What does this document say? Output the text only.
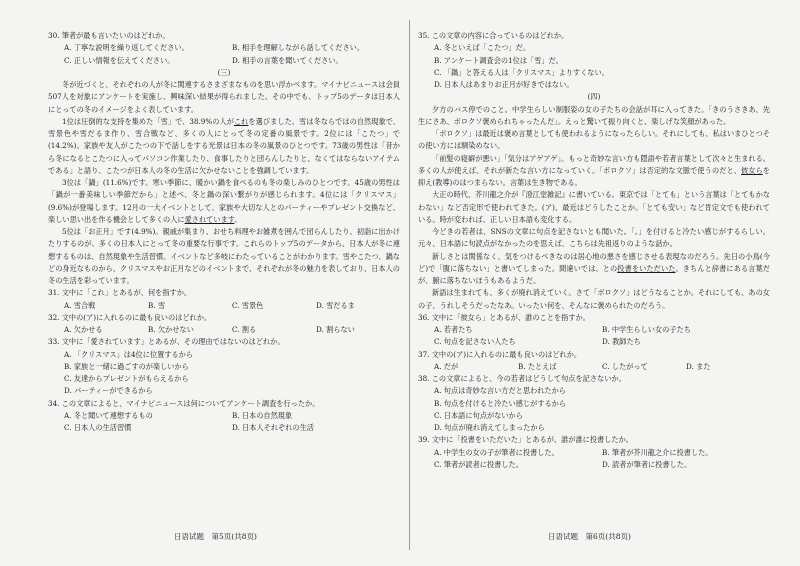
30. 筆者が最も言いたいのはどれか。

A. 丁寧な説明を繰り返してください。	B. 相手を理解しながら話してください。
C. 正しい情報を伝えてください。	D. 相手の言葉を聞いてください。

(三)

冬が近づくと、それぞれの人が冬に関連するさまざまなものを思い浮かべます。マイナビニュースは会員507人を対象にアンケートを実施し、興味深い結果が得られました。その中でも、トップ5のデータは日本人にとっての冬のイメージをよく表しています。

1位は圧倒的な支持を集めた「雪」で、38.9%の人がこれを選びました。雪は冬ならではの自然現象で、雪景色や雪だるま作り、雪合戦など、多くの人にとって冬の定番の風景です。2位には「こたつ」で(14.2%)。家族や友人がこたつの下で話しをする光景は日本の冬の風景のひとつです。73歳の男性は「昔から冬になるとこたつに入ってパソコン作業したり、食事したりと団らんしたりと、なくてはならないアイテムである」と語り、こたつが日本人の冬の生活に欠かせないことを強調しています。

3位は「鍋」(11.6%)です。寒い季節に、暖かい鍋を食べるのも冬の楽しみのひとつです。45歳の男性は「鍋が一番美味しい季節だから」と述べ、冬と鍋の深い繋がりが感じられます。4位には「クリスマス」(9.6%)が登場します。12月の一大イベントとして、家族や大切な人とのパーティーやプレゼント交換など、楽しい思い出を作る機会として多くの人に愛されています。

5位は「お正月」です(4.9%)。親戚が集まり、おせち料理やお雑煮を囲んで団らんしたり、初詣に出かけたりするのが、多くの日本人にとって冬の重要な行事です。これらのトップ5のデータから、日本人が冬に連想するものは、自然現象や生活習慣、イベントなど多岐にわたっていることがわかります。雪やこたつ、鍋などの身近なものから、クリスマスやお正月などのイベントまで、それぞれが冬の魅力を表しており、日本人の冬の生活を彩っています。

31. 文中に「これ」とあるが、何を指すか。

A. 雪合戦	B. 雪	C. 雪景色	D. 雪だるま

32. 文中の(ア)に入れるのに最も良いのはどれか。

A. 欠かせる	B. 欠かせない	C. 割る	D. 割らない

33. 文中に「愛されています」とあるが、その理由ではないのはどれか。

A. 「クリスマス」は4位に位置するから
B. 家族と一緒に過ごすのが楽しいから
C. 友達からプレゼントがもらえるから
D. パーティーができるから

34. この文章によると、マイナビニュースは何についてアンケート調査を行ったか。

A. 冬と聞いて連想するもの	B. 日本の自然現象
C. 日本人の生活習慣	D. 日本人それぞれの生活

35. この文章の内容に合っているのはどれか。

A. 冬といえば「こたつ」だ。
B. アンケート調査会の1位は「雪」だ。
C. 「鍋」と答える人は「クリスマス」よりすくない。
D. 日本人はあまりお正月が好きではない。

(四)

夕方のバス停でのこと。中学生らしい制服姿の女の子たちの会話が耳に入ってきた。「きのうさきあ、先生にさあ、ボロクソ褒められちゃったんだ」。えっと驚いて振り向くと、楽しげな笑顔があった。

「ボロクソ」は最近は褒め言葉としても使われるようになったらしい。それにしても、私はいまひとつその使い方には馴染めない。

「前髪の寝癖が悪い」「気分はアゲアゲ」。もっと奇妙な言い方も隠語や若者言葉として次々と生まれる。多くの人が使えば、それが新たな言い方になっていく。「ボロクソ」は否定的な文脈で使うのだと、彼女らを抑え(教導)のはつまらない。言葉は生き物である。

大正の時代、芥川龍之介が『澄江堂雑記』に書いている。東京では「とても」という言葉は「とてもかなわない」など否定形で使われてきた。(ア)、最近はどうしたことか。「とても安い」など肯定文でも使われている。時が変われば、正しい日本語も変化する。

今どきの若者は、SNSの文章に句点を記さないとも聞いた。「。」を付けると冷たい感じがするらしい。元々、日本語に句読点がなかったのを思えば、こちらは先祖返りのような話か。

新しさとは関係なく、気をつけるべきなのは居心地の悪さを感じさせる表現なのだろう。先日の小鳥(今ど)で「腹に落ちない」と書いてしまった。間違いでは、との投書をいただいた。きちんと辞書にある言葉だが、腑に落ちないほうもあるようだ。

新語は生まれても、多くが廃れ消えていく。さて「ボロクソ」はどうなることか。それにしても、あの女の子、うれしそうだったなあ。いったい何を、そんなに褒められたのだろう。

36. 文中に「彼女ら」とあるが、誰のことを指すか。

A. 若者たち	B. 中学生らしい女の子たち
C. 句点を記さない人たち	D. 教師たち

37. 文中の(ア)に入れるのに最も良いのはどれか。

A. だが	B. たとえば	C. したがって	D. また

38. この文章によると、今の若者はどうして句点を記さないか。

A. 句点は奇妙な言い方だと思われたから
B. 句点を付けると冷たい感じがするから
C. 日本語に句点がないから
D. 句点が廃れ消えてしまったから

39. 文中に「投書をいただいた」とあるが、誰が誰に投書したか。

A. 中学生の女の子が筆者に投書した。	B. 筆者が芥川龍之介に投書した。
C. 筆者が読者に投書した。	D. 読者が筆者に投書した。
日语试题　第5页(共8页)	日语试题　第6页(共8页)
